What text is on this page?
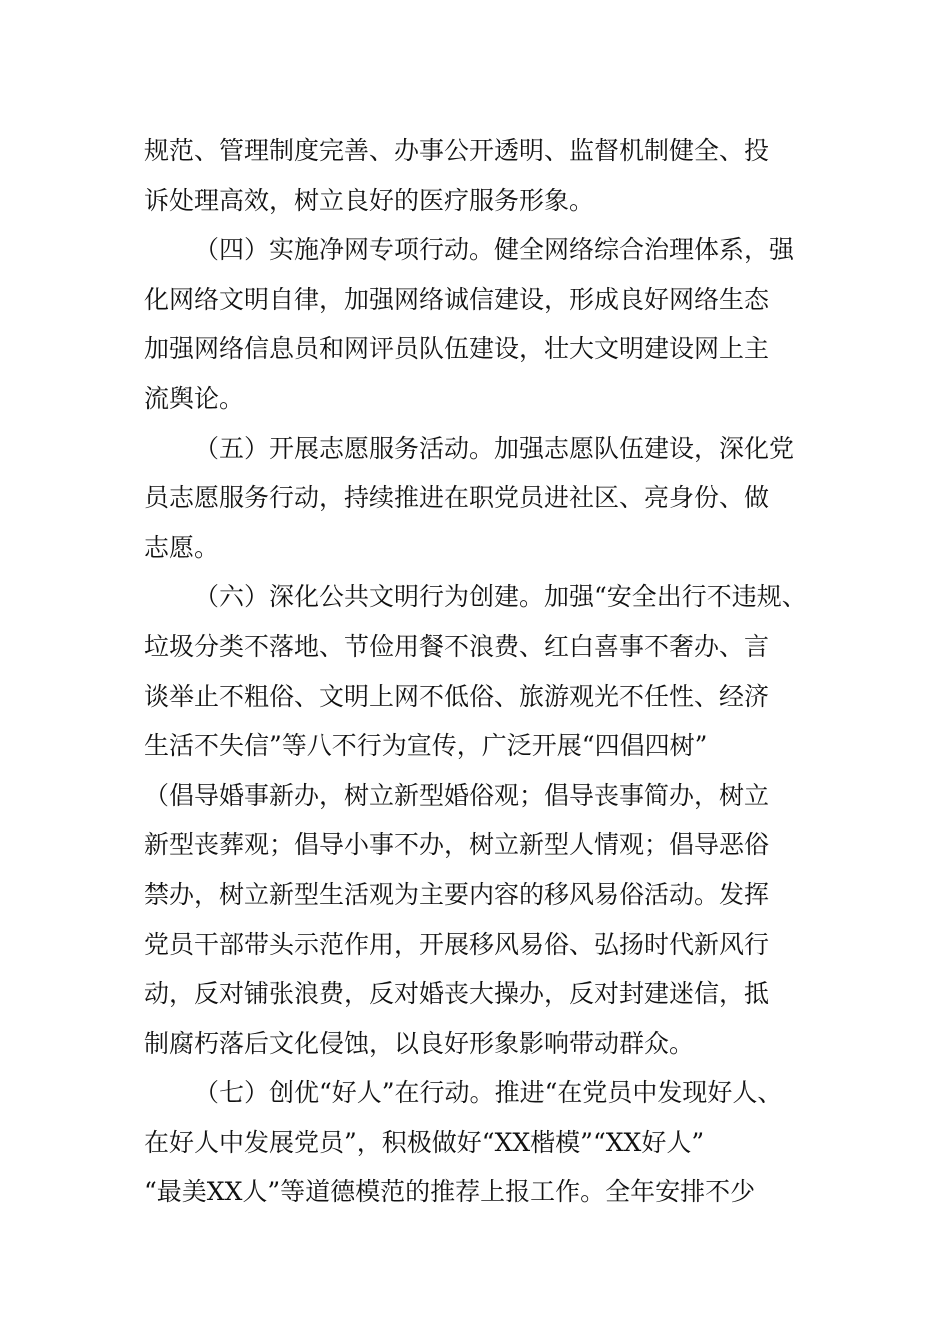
规范、管理制度完善、办事公开透明、监督机制健全、投
诉处理高效，树立良好的医疗服务形象。
（四）实施净网专项行动。健全网络综合治理体系，强
化网络文明自律，加强网络诚信建设，形成良好网络生态
加强网络信息员和网评员队伍建设，壮大文明建设网上主
流舆论。
（五）开展志愿服务活动。加强志愿队伍建设，深化党
员志愿服务行动，持续推进在职党员进社区、亮身份、做
志愿。
（六）深化公共文明行为创建。加强“安全出行不违规、
垃圾分类不落地、节俭用餐不浪费、红白喜事不奢办、言
谈举止不粗俗、文明上网不低俗、旅游观光不任性、经济
生活不失信”等八不行为宣传，广泛开展“四倡四树”
（倡导婚事新办，树立新型婚俗观；倡导丧事简办，树立
新型丧葬观；倡导小事不办，树立新型人情观；倡导恶俗
禁办，树立新型生活观为主要内容的移风易俗活动。发挥
党员干部带头示范作用，开展移风易俗、弘扬时代新风行
动，反对铺张浪费，反对婚丧大操办，反对封建迷信，抵
制腐朽落后文化侵蚀，以良好形象影响带动群众。
（七）创优“好人”在行动。推进“在党员中发现好人、
在好人中发展党员”，积极做好“XX楷模”“XX好人”
“最美XX人”等道德模范的推荐上报工作。全年安排不少
